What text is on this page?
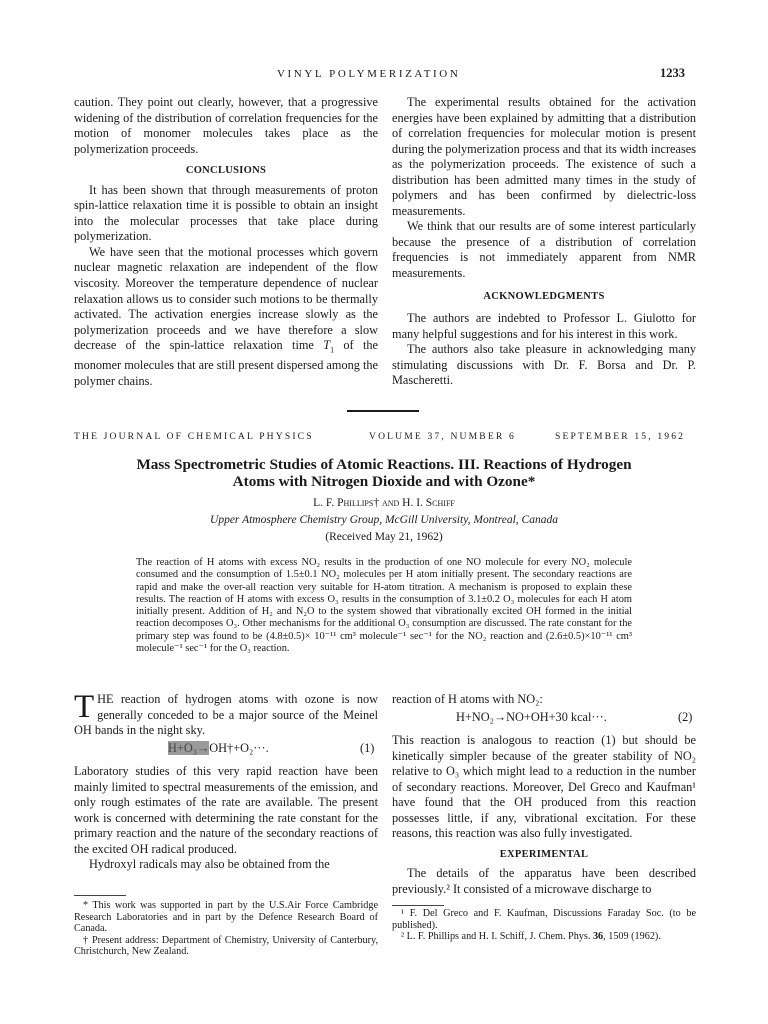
VINYL POLYMERIZATION	1233

caution. They point out clearly, however, that a progressive widening of the distribution of correlation frequencies for the motion of monomer molecules takes place as the polymerization proceeds.

CONCLUSIONS

It has been shown that through measurements of proton spin-lattice relaxation time it is possible to obtain an insight into the molecular processes that take place during polymerization.

We have seen that the motional processes which govern nuclear magnetic relaxation are independent of the flow viscosity. Moreover the temperature dependence of nuclear relaxation allows us to consider such motions to be thermally activated. The activation energies increase slowly as the polymerization proceeds and we have therefore a slow decrease of the spin-lattice relaxation time $T_1$ of the monomer molecules that are still present dispersed among the polymer chains.

The experimental results obtained for the activation energies have been explained by admitting that a distribution of correlation frequencies for molecular motion is present during the polymerization process and that its width increases as the polymerization proceeds. The existence of such a distribution has been admitted many times in the study of polymers and has been confirmed by dielectric-loss measurements.

We think that our results are of some interest particularly because the presence of a distribution of correlation frequencies is not immediately apparent from NMR measurements.

ACKNOWLEDGMENTS

The authors are indebted to Professor L. Giulotto for many helpful suggestions and for his interest in this work.

The authors also take pleasure in acknowledging many stimulating discussions with Dr. F. Borsa and Dr. P. Mascheretti.

THE JOURNAL OF CHEMICAL PHYSICS	VOLUME 37, NUMBER 6	SEPTEMBER 15, 1962
Mass Spectrometric Studies of Atomic Reactions. III. Reactions of Hydrogen
Atoms with Nitrogen Dioxide and with Ozone*
L. F. Phillips† and H. I. Schiff
Upper Atmosphere Chemistry Group, McGill University, Montreal, Canada
(Received May 21, 1962)
The reaction of H atoms with excess NO₂ results in the production of one NO molecule for every NO₂ molecule consumed and the consumption of 1.5±0.1 NO₂ molecules per H atom initially present. The secondary reactions are rapid and make the over-all reaction very suitable for H-atom titration. A mechanism is proposed to explain these results. The reaction of H atoms with excess O₃ results in the consumption of 3.1±0.2 O₃ molecules for each H atom initially present. Addition of H₂ and N₂O to the system showed that vibrationally excited OH formed in the initial reaction decomposes O₃. Other mechanisms for the additional O₃ consumption are discussed. The rate constant for the primary step was found to be (4.8±0.5)× 10⁻¹¹ cm³ molecule⁻¹ sec⁻¹ for the NO₂ reaction and (2.6±0.5)×10⁻¹¹ cm³ molecule⁻¹ sec⁻¹ for the O₃ reaction.

THE reaction of hydrogen atoms with ozone is now generally conceded to be a major source of the Meinel OH bands in the night sky.

H+O₃→OH†+O₂···.	(1)

Laboratory studies of this very rapid reaction have been mainly limited to spectral measurements of the emission, and only rough estimates of the rate are available. The present work is concerned with determining the rate constant for the primary reaction and the nature of the secondary reactions of the excited OH radical produced.

Hydroxyl radicals may also be obtained from the

* This work was supported in part by the U.S.Air Force Cambridge Research Laboratories and in part by the Defence Research Board of Canada.
† Present address: Department of Chemistry, University of Canterbury, Christchurch, New Zealand.

reaction of H atoms with NO₂:

H+NO₂→NO+OH+30 kcal···.	(2)

This reaction is analogous to reaction (1) but should be kinetically simpler because of the greater stability of NO₂ relative to O₃ which might lead to a reduction in the number of secondary reactions. Moreover, Del Greco and Kaufman¹ have found that the OH produced from this reaction possesses little, if any, vibrational excitation. For these reasons, this reaction was also fully investigated.

EXPERIMENTAL

The details of the apparatus have been described previously.² It consisted of a microwave discharge to

¹ F. Del Greco and F. Kaufman, Discussions Faraday Soc. (to be published).
² L. F. Phillips and H. I. Schiff, J. Chem. Phys. 36, 1509 (1962).
